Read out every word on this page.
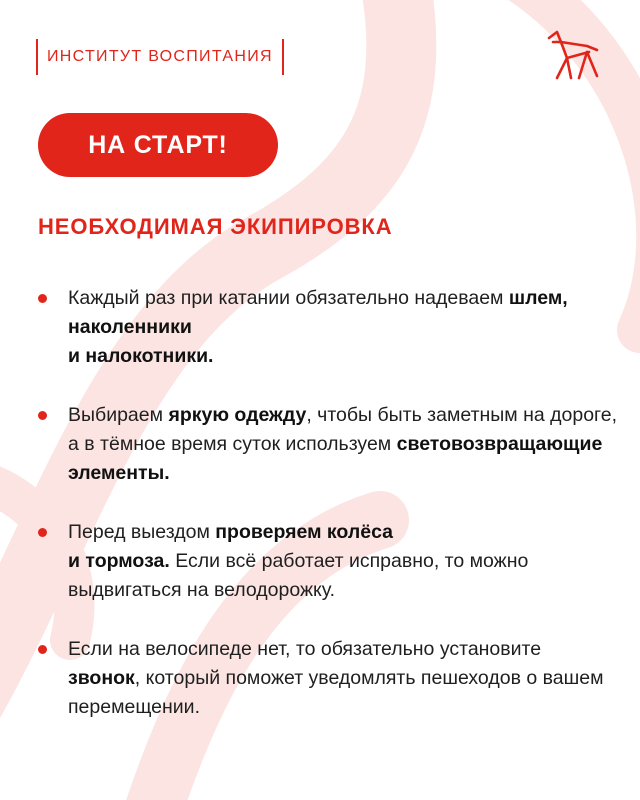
ИНСТИТУТ ВОСПИТАНИЯ
НА СТАРТ!
НЕОБХОДИМАЯ ЭКИПИРОВКА
Каждый раз при катании обязательно надеваем шлем, наколенники
и налокотники.
Выбираем яркую одежду, чтобы быть заметным на дороге, а в тёмное время суток используем световозвращающие элементы.
Перед выездом проверяем колёса
и тормоза. Если всё работает исправно, то можно выдвигаться на велодорожку.
Если на велосипеде нет, то обязательно установите звонок, который поможет уведомлять пешеходов о вашем перемещении.
